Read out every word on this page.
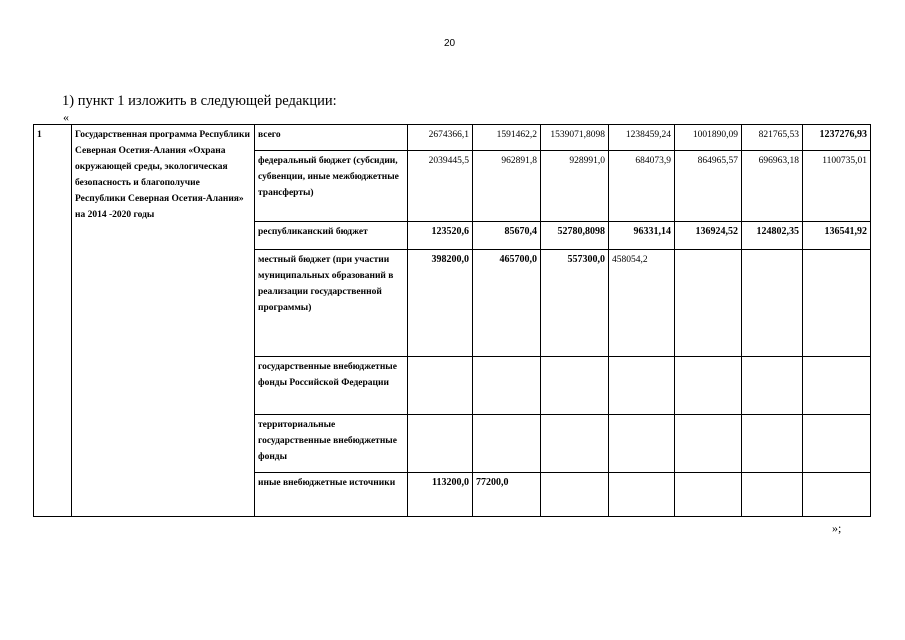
20
1) пункт 1 изложить в следующей редакции:
«
1	Государственная программа Республики Северная Осетия-Алания «Охрана окружающей среды, экологическая безопасность и благополучие Республики Северная Осетия-Алания» на 2014 -2020 годы	всего	2674366,1	1591462,2	1539071,8098	1238459,24	1001890,09	821765,53	1237276,93
		федеральный бюджет (субсидии, субвенции, иные межбюджетные трансферты)	2039445,5	962891,8	928991,0	684073,9	864965,57	696963,18	1100735,01
		республиканский бюджет	123520,6	85670,4	52780,8098	96331,14	136924,52	124802,35	136541,92
		местный бюджет (при участии муниципальных образований в реализации государственной программы)	398200,0	465700,0	557300,0	458054,2			
		государственные внебюджетные фонды Российской Федерации							
		территориальные государственные внебюджетные фонды							
		иные внебюджетные источники	113200,0	77200,0					
»;
